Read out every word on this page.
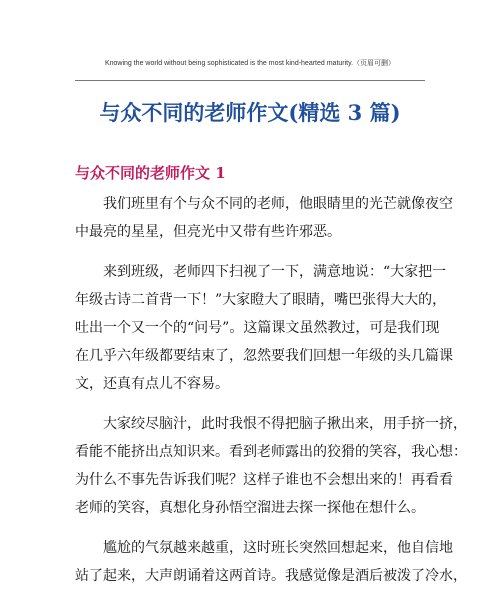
Knowing the world without being sophisticated is the most kind-hearted maturity.（页眉可删）
与众不同的老师作文(精选 3 篇)
与众不同的老师作文 1
我们班里有个与众不同的老师，他眼睛里的光芒就像夜空
中最亮的星星，但亮光中又带有些许邪恶。
来到班级，老师四下扫视了一下，满意地说：“大家把一
年级古诗二首背一下！”大家瞪大了眼睛，嘴巴张得大大的，
吐出一个又一个的“问号”。这篇课文虽然教过，可是我们现
在几乎六年级都要结束了，忽然要我们回想一年级的头几篇课
文，还真有点儿不容易。
大家绞尽脑汁，此时我恨不得把脑子揪出来，用手挤一挤，
看能不能挤出点知识来。看到老师露出的狡猾的笑容，我心想：
为什么不事先告诉我们呢？这样子谁也不会想出来的！再看看
老师的笑容，真想化身孙悟空溜进去探一探他在想什么。
尴尬的气氛越来越重，这时班长突然回想起来，他自信地
站了起来，大声朗诵着这两首诗。我感觉像是酒后被泼了冷水，
